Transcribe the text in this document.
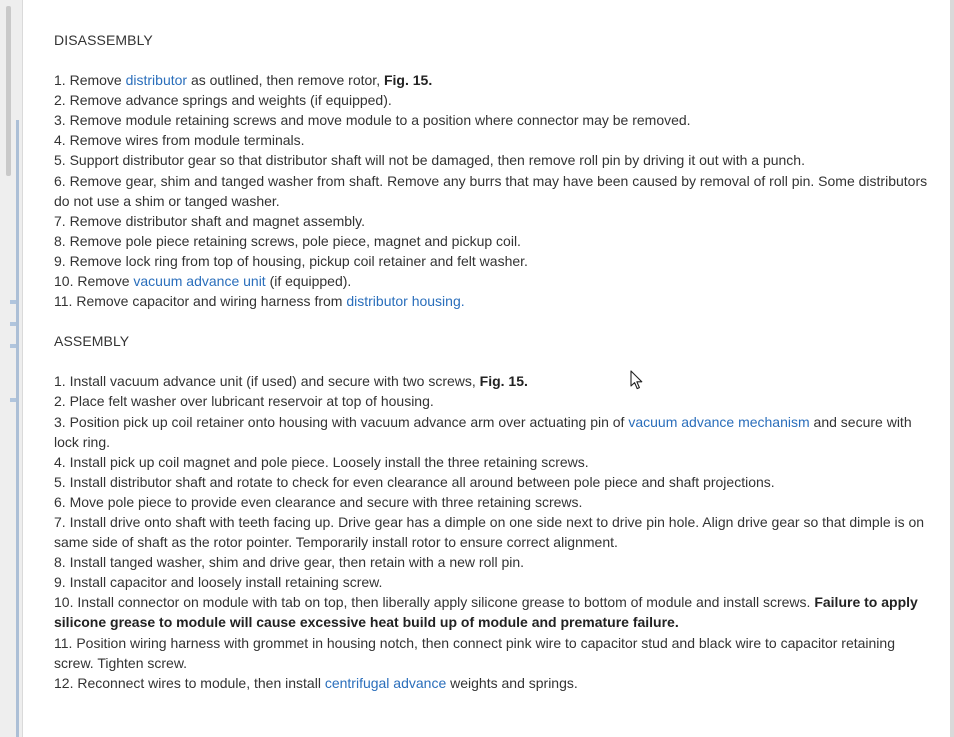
DISASSEMBLY

1. Remove distributor as outlined, then remove rotor, Fig. 15.

2. Remove advance springs and weights (if equipped).

3. Remove module retaining screws and move module to a position where connector may be removed.

4. Remove wires from module terminals.

5. Support distributor gear so that distributor shaft will not be damaged, then remove roll pin by driving it out with a punch.

6. Remove gear, shim and tanged washer from shaft. Remove any burrs that may have been caused by removal of roll pin. Some distributors do not use a shim or tanged washer.

7. Remove distributor shaft and magnet assembly.

8. Remove pole piece retaining screws, pole piece, magnet and pickup coil.

9. Remove lock ring from top of housing, pickup coil retainer and felt washer.

10. Remove vacuum advance unit (if equipped).

11. Remove capacitor and wiring harness from distributor housing.

ASSEMBLY

1. Install vacuum advance unit (if used) and secure with two screws, Fig. 15.

2. Place felt washer over lubricant reservoir at top of housing.

3. Position pick up coil retainer onto housing with vacuum advance arm over actuating pin of vacuum advance mechanism and secure with lock ring.

4. Install pick up coil magnet and pole piece. Loosely install the three retaining screws.

5. Install distributor shaft and rotate to check for even clearance all around between pole piece and shaft projections.

6. Move pole piece to provide even clearance and secure with three retaining screws.

7. Install drive onto shaft with teeth facing up. Drive gear has a dimple on one side next to drive pin hole. Align drive gear so that dimple is on same side of shaft as the rotor pointer. Temporarily install rotor to ensure correct alignment.

8. Install tanged washer, shim and drive gear, then retain with a new roll pin.

9. Install capacitor and loosely install retaining screw.

10. Install connector on module with tab on top, then liberally apply silicone grease to bottom of module and install screws. Failure to apply silicone grease to module will cause excessive heat build up of module and premature failure.

11. Position wiring harness with grommet in housing notch, then connect pink wire to capacitor stud and black wire to capacitor retaining screw. Tighten screw.

12. Reconnect wires to module, then install centrifugal advance weights and springs.
